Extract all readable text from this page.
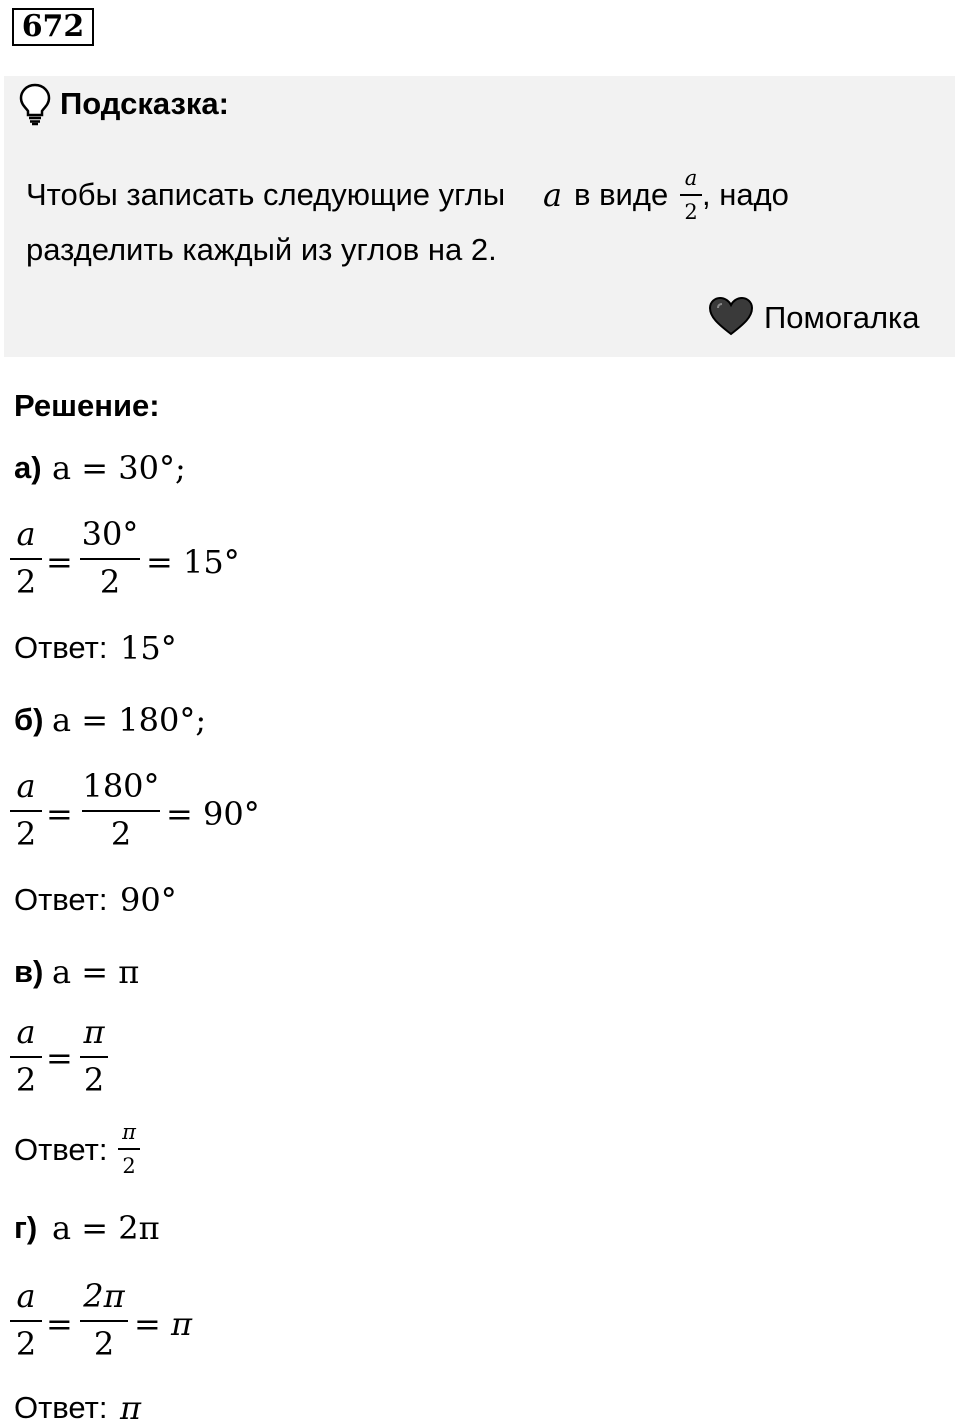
672
Подсказка:
Чтобы записать следующие углы a в виде a
2 , надо
разделить каждый из углов на 2.
Помогалка
Решение:
а) a = 30°;
a
2
=
30°
2
= 15°
Ответ: 15°
б) a = 180°;
a
2
=
180°
2
= 90°
Ответ: 90°
в) a = π
a
2
=
π
2
Ответ: π
2
г) a = 2π
a
2
=
2π
2
= π
Ответ: π
